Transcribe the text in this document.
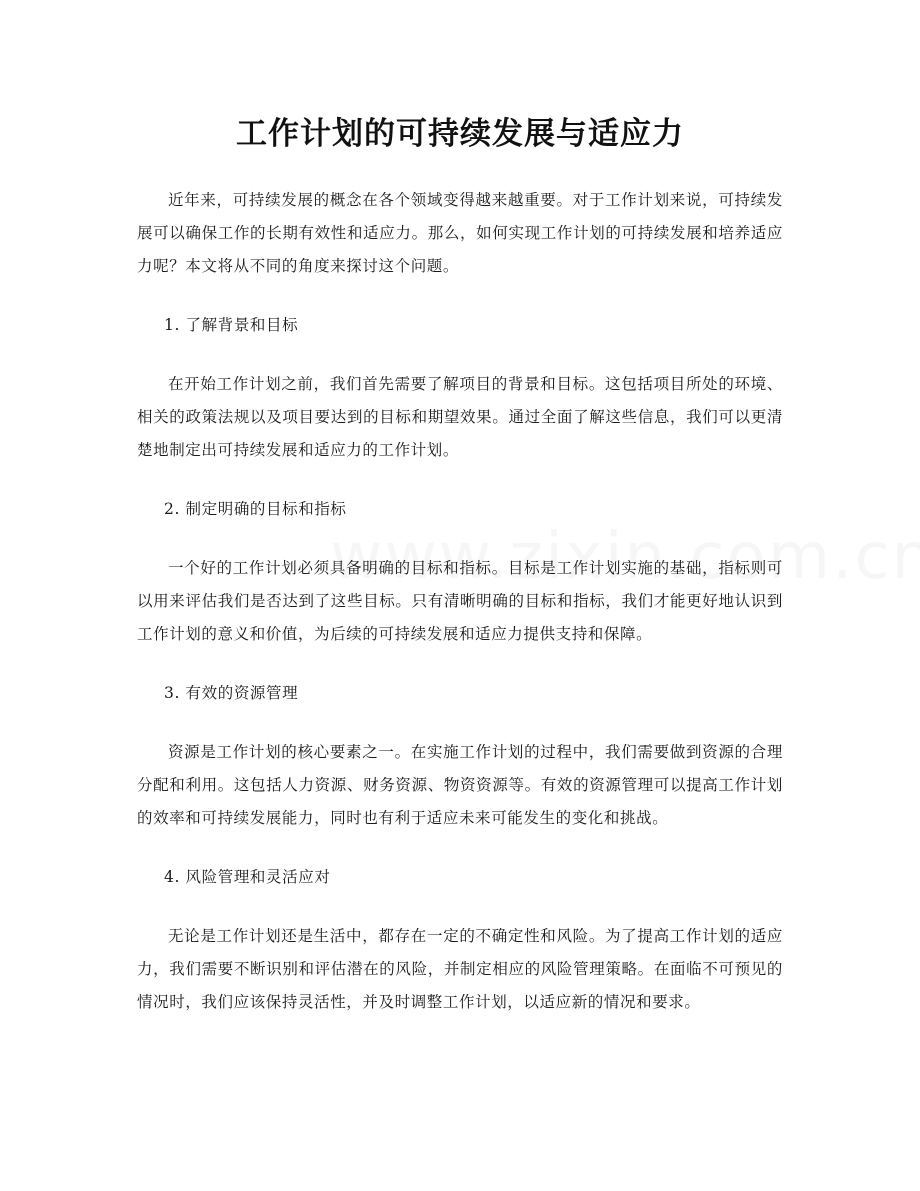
工作计划的可持续发展与适应力

近年来，可持续发展的概念在各个领域变得越来越重要。对于工作计划来说，可持续发展可以确保工作的长期有效性和适应力。那么，如何实现工作计划的可持续发展和培养适应力呢？本文将从不同的角度来探讨这个问题。

1. 了解背景和目标

在开始工作计划之前，我们首先需要了解项目的背景和目标。这包括项目所处的环境、相关的政策法规以及项目要达到的目标和期望效果。通过全面了解这些信息，我们可以更清楚地制定出可持续发展和适应力的工作计划。

2. 制定明确的目标和指标

一个好的工作计划必须具备明确的目标和指标。目标是工作计划实施的基础，指标则可以用来评估我们是否达到了这些目标。只有清晰明确的目标和指标，我们才能更好地认识到工作计划的意义和价值，为后续的可持续发展和适应力提供支持和保障。

3. 有效的资源管理

资源是工作计划的核心要素之一。在实施工作计划的过程中，我们需要做到资源的合理分配和利用。这包括人力资源、财务资源、物资资源等。有效的资源管理可以提高工作计划的效率和可持续发展能力，同时也有利于适应未来可能发生的变化和挑战。

4. 风险管理和灵活应对

无论是工作计划还是生活中，都存在一定的不确定性和风险。为了提高工作计划的适应力，我们需要不断识别和评估潜在的风险，并制定相应的风险管理策略。在面临不可预见的情况时，我们应该保持灵活性，并及时调整工作计划，以适应新的情况和要求。
